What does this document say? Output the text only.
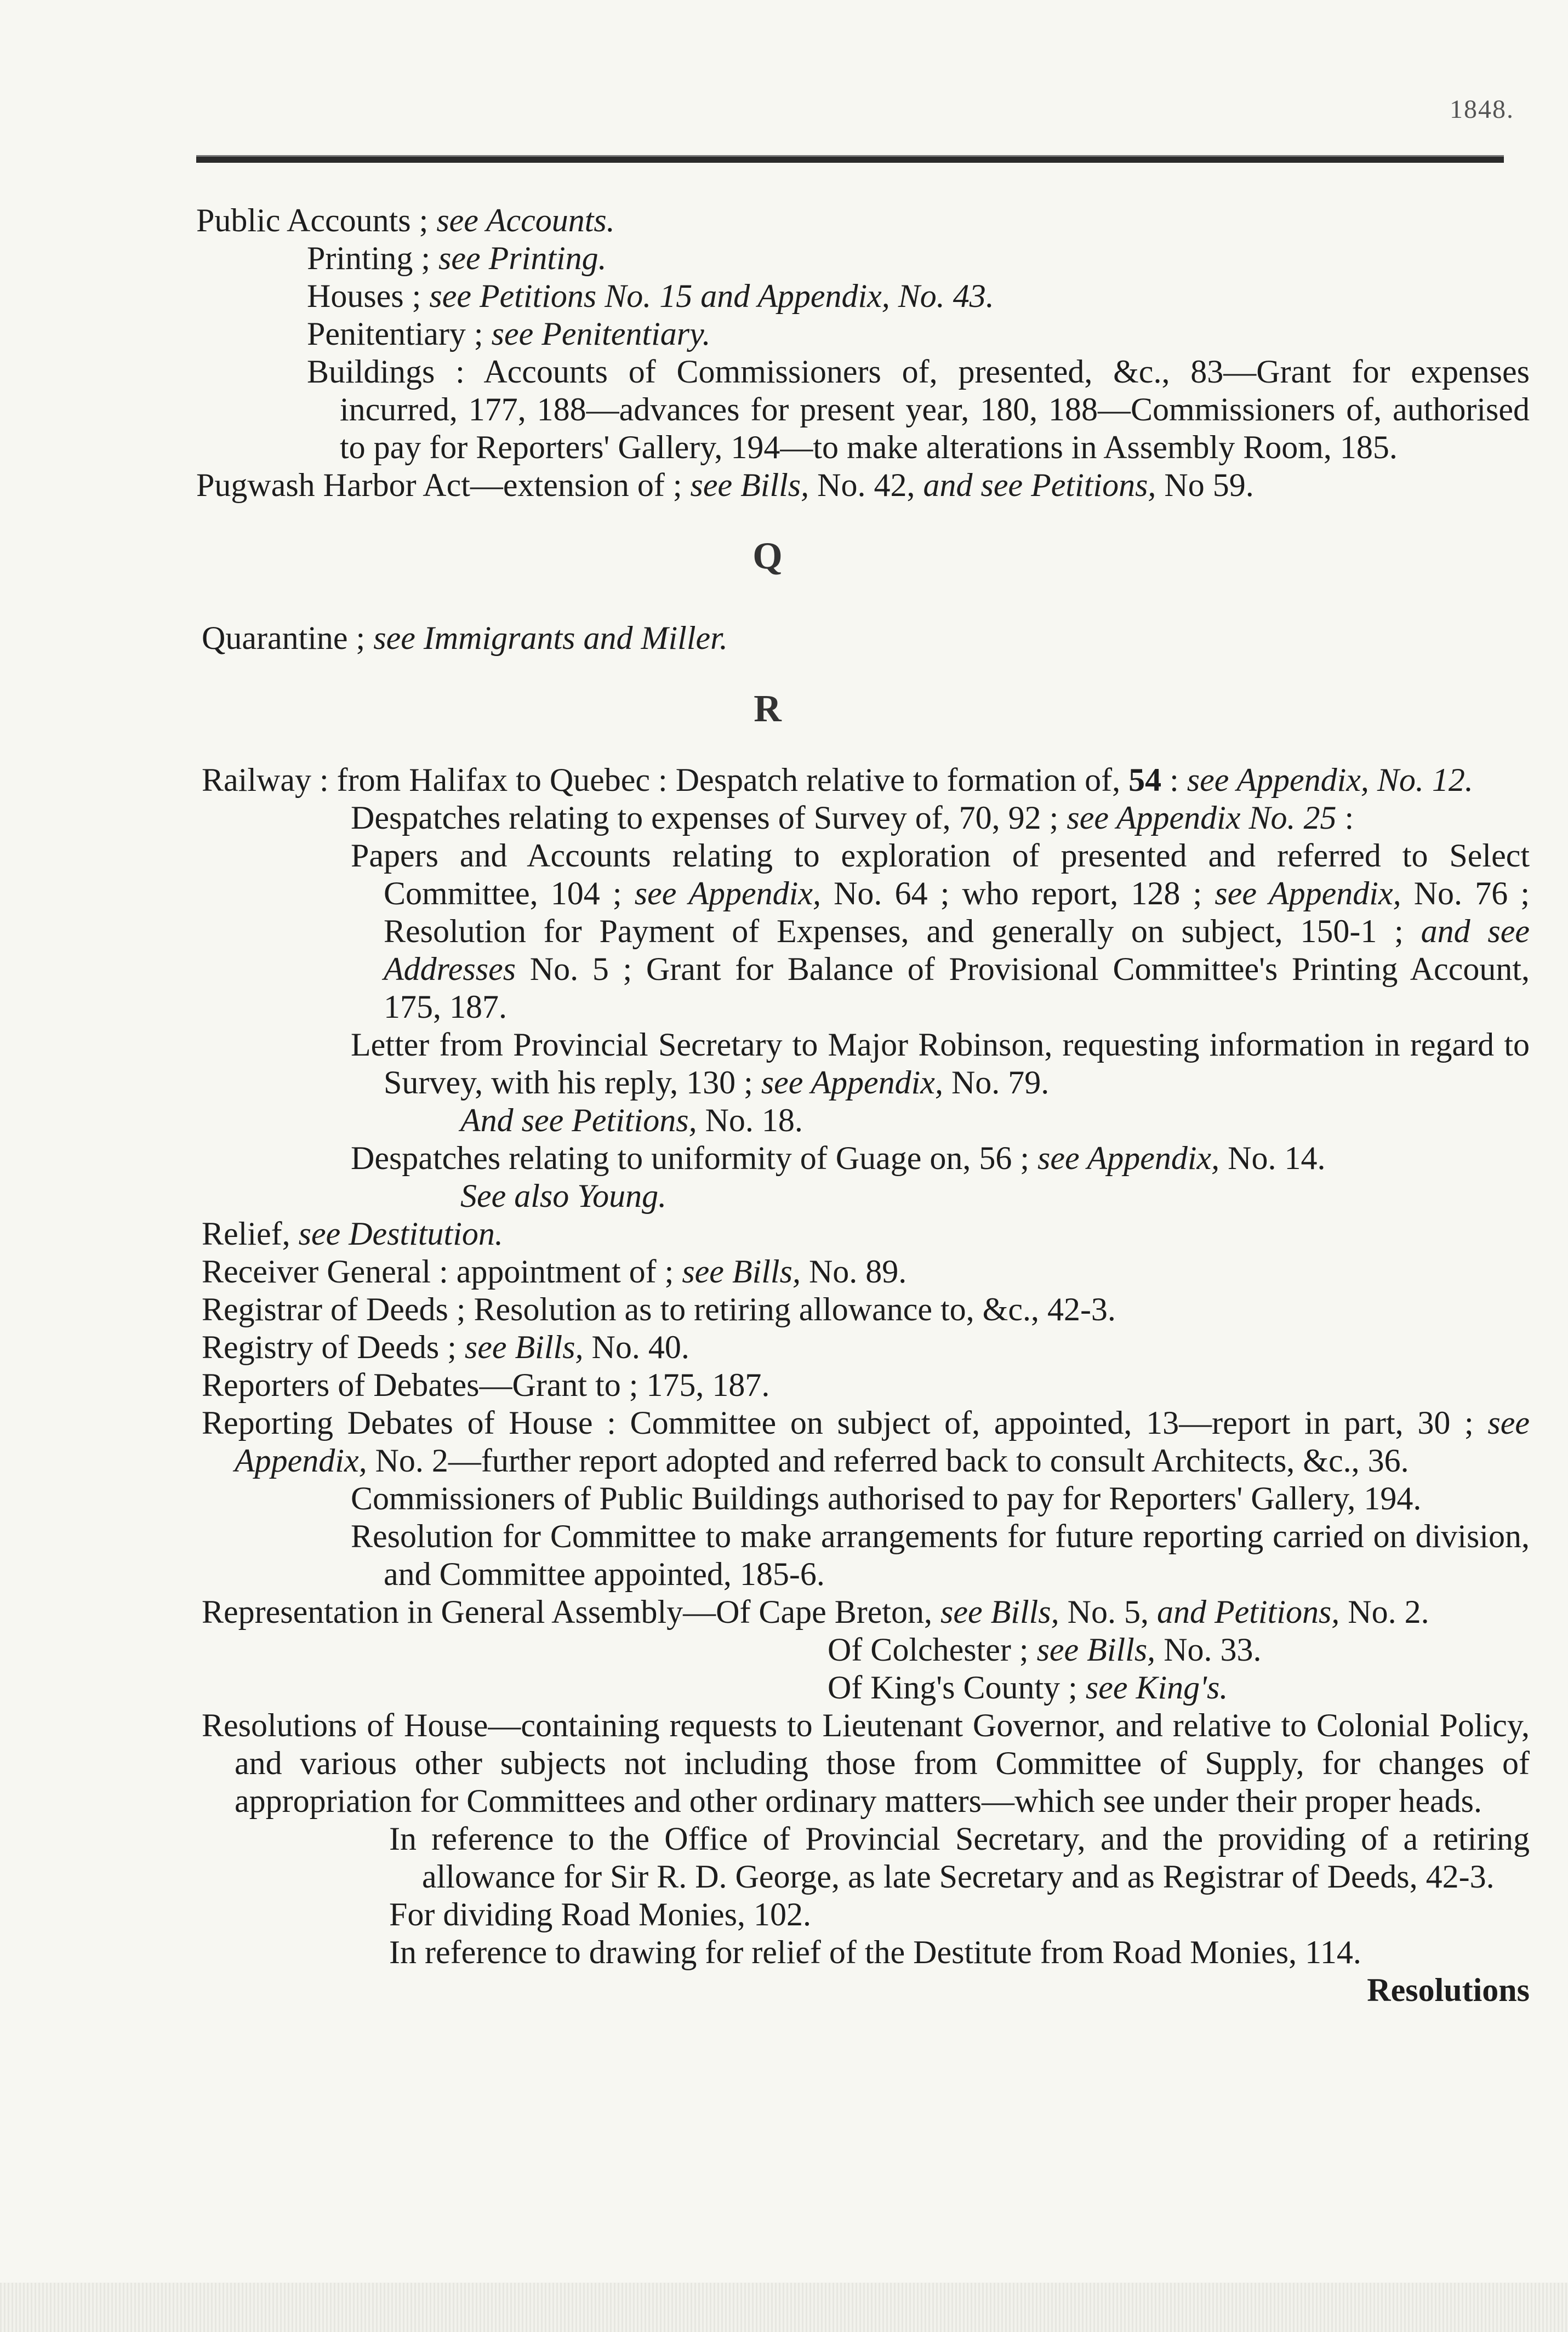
1848.

Public Accounts ; see Accounts.

Printing ; see Printing.

Houses ; see Petitions No. 15 and Appendix, No. 43.

Penitentiary ; see Penitentiary.

Buildings : Accounts of Commissioners of, presented, &c., 83—Grant for expenses incurred, 177, 188—advances for present year, 180, 188—Commissioners of, authorised to pay for Reporters' Gallery, 194—to make alterations in Assembly Room, 185.

Pugwash Harbor Act—extension of ; see Bills, No. 42, and see Petitions, No 59.

Q

Quarantine ; see Immigrants and Miller.

R

Railway : from Halifax to Quebec : Despatch relative to formation of, 54 : see Appendix, No. 12.

Despatches relating to expenses of Survey of, 70, 92 ; see Appendix No. 25 :

Papers and Accounts relating to exploration of presented and referred to Select Committee, 104 ; see Appendix, No. 64 ; who report, 128 ; see Appendix, No. 76 ; Resolution for Payment of Expenses, and generally on subject, 150-1 ; and see Addresses No. 5 ; Grant for Balance of Provisional Committee's Printing Account, 175, 187.

Letter from Provincial Secretary to Major Robinson, requesting information in regard to Survey, with his reply, 130 ; see Appendix, No. 79.

And see Petitions, No. 18.

Despatches relating to uniformity of Guage on, 56 ; see Appendix, No. 14.

See also Young.

Relief, see Destitution.

Receiver General : appointment of ; see Bills, No. 89.

Registrar of Deeds ; Resolution as to retiring allowance to, &c., 42-3.

Registry of Deeds ; see Bills, No. 40.

Reporters of Debates—Grant to ; 175, 187.

Reporting Debates of House : Committee on subject of, appointed, 13—report in part, 30 ; see Appendix, No. 2—further report adopted and referred back to consult Architects, &c., 36.

Commissioners of Public Buildings authorised to pay for Reporters' Gallery, 194.

Resolution for Committee to make arrangements for future reporting carried on division, and Committee appointed, 185-6.

Representation in General Assembly—Of Cape Breton, see Bills, No. 5, and Petitions, No. 2.

Of Colchester ; see Bills, No. 33.

Of King's County ; see King's.

Resolutions of House—containing requests to Lieutenant Governor, and relative to Colonial Policy, and various other subjects not including those from Committee of Supply, for changes of appropriation for Committees and other ordinary matters—which see under their proper heads.

In reference to the Office of Provincial Secretary, and the providing of a retiring allowance for Sir R. D. George, as late Secretary and as Registrar of Deeds, 42-3.

For dividing Road Monies, 102.

In reference to drawing for relief of the Destitute from Road Monies, 114.

Resolutions
